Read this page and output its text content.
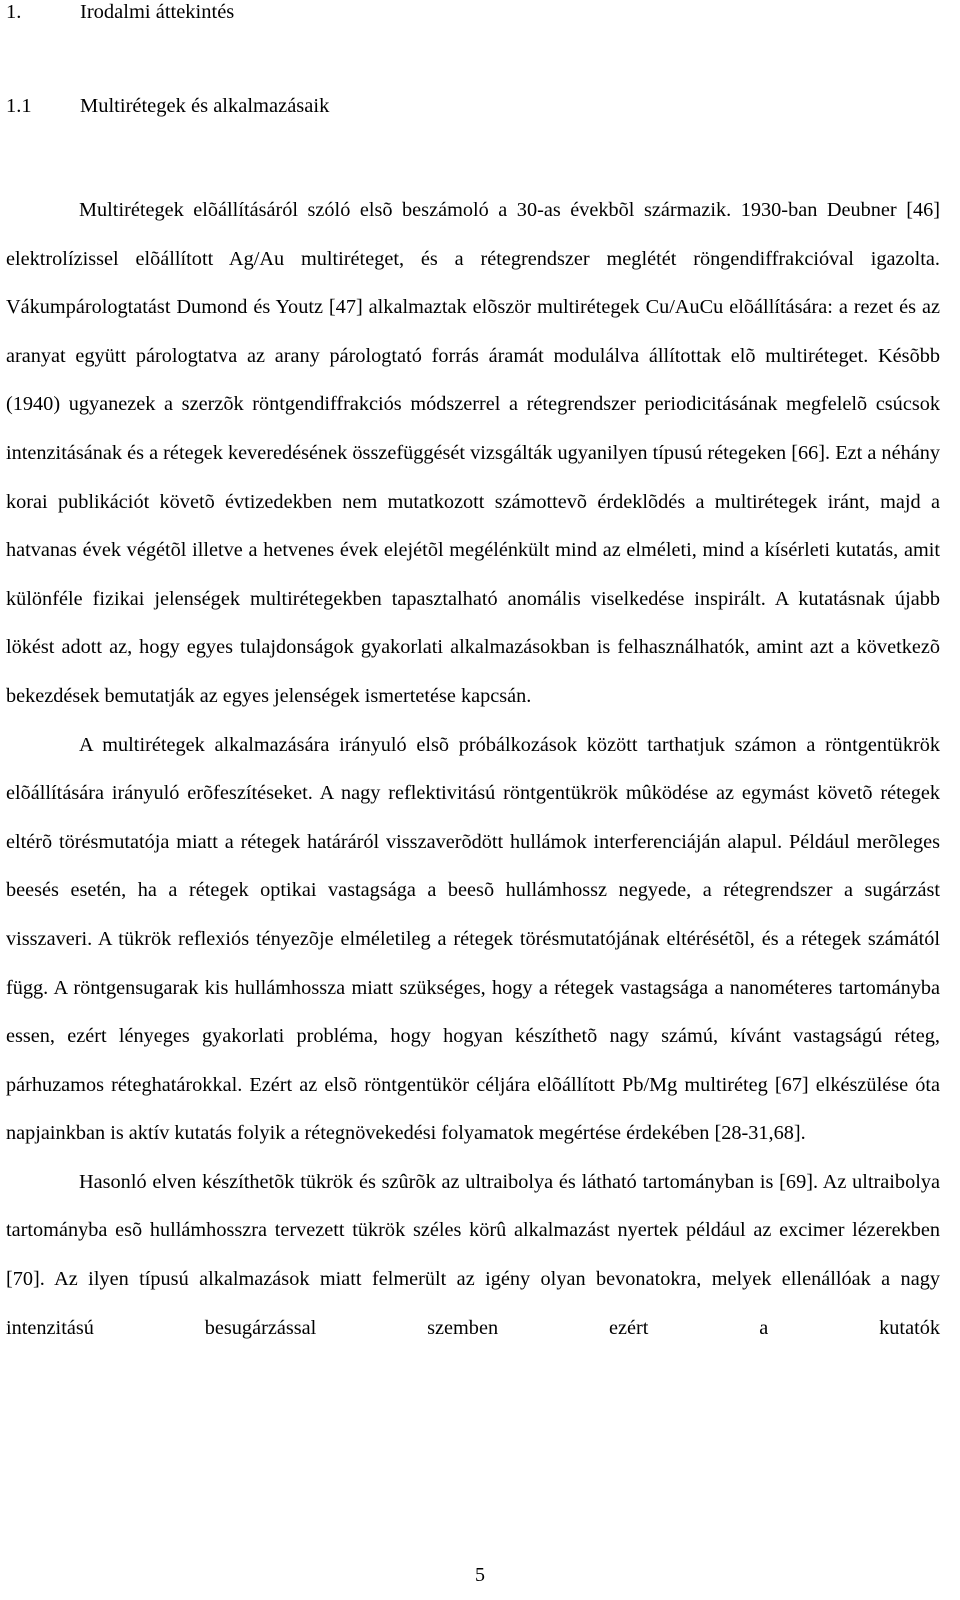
1.	Irodalmi áttekintés
1.1 Multirétegek és alkalmazásaik

Multirétegek elõállításáról szóló elsõ beszámoló a 30-as évekbõl származik. 1930-ban Deubner [46] elektrolízissel elõállított Ag/Au multiréteget, és a rétegrendszer meglétét röngendiffrakcióval igazolta. Vákumpárologtatást Dumond és Youtz [47] alkalmaztak elõször multirétegek Cu/AuCu elõállítására: a rezet és az aranyat együtt párologtatva az arany párologtató forrás áramát modulálva állítottak elõ multiréteget. Késõbb (1940) ugyanezek a szerzõk röntgendiffrakciós módszerrel a rétegrendszer periodicitásának megfelelõ csúcsok intenzitásának és a rétegek keveredésének összefüggését vizsgálták ugyanilyen típusú rétegeken [66]. Ezt a néhány korai publikációt követõ évtizedekben nem mutatkozott számottevõ érdeklõdés a multirétegek iránt, majd a hatvanas évek végétõl illetve a hetvenes évek elejétõl megélénkült mind az elméleti, mind a kísérleti kutatás, amit különféle fizikai jelenségek multirétegekben tapasztalható anomális viselkedése inspirált. A kutatásnak újabb lökést adott az, hogy egyes tulajdonságok gyakorlati alkalmazásokban is felhasználhatók, amint azt a következõ bekezdések bemutatják az egyes jelenségek ismertetése kapcsán.

A multirétegek alkalmazására irányuló elsõ próbálkozások között tarthatjuk számon a röntgentükrök elõállítására irányuló erõfeszítéseket. A nagy reflektivitású röntgentükrök mûködése az egymást követõ rétegek eltérõ törésmutatója miatt a rétegek határáról visszaverõdött hullámok interferenciáján alapul. Például merõleges beesés esetén, ha a rétegek optikai vastagsága a beesõ hullámhossz negyede, a rétegrendszer a sugárzást visszaveri. A tükrök reflexiós tényezõje elméletileg a rétegek törésmutatójának eltérésétõl, és a rétegek számától függ. A röntgensugarak kis hullámhossza miatt szükséges, hogy a rétegek vastagsága a nanométeres tartományba essen, ezért lényeges gyakorlati probléma, hogy hogyan készíthetõ nagy számú, kívánt vastagságú réteg, párhuzamos réteghatárokkal. Ezért az elsõ röntgentükör céljára elõállított Pb/Mg multiréteg [67] elkészülése óta napjainkban is aktív kutatás folyik a rétegnövekedési folyamatok megértése érdekében [28-31,68].

Hasonló elven készíthetõk tükrök és szûrõk az ultraibolya és látható tartományban is [69]. Az ultraibolya tartományba esõ hullámhosszra tervezett tükrök széles körû alkalmazást nyertek például az excimer lézerekben [70]. Az ilyen típusú alkalmazások miatt felmerült az igény olyan bevonatokra, melyek ellenállóak a nagy intenzitású besugárzással szemben ezért a kutatók

5
